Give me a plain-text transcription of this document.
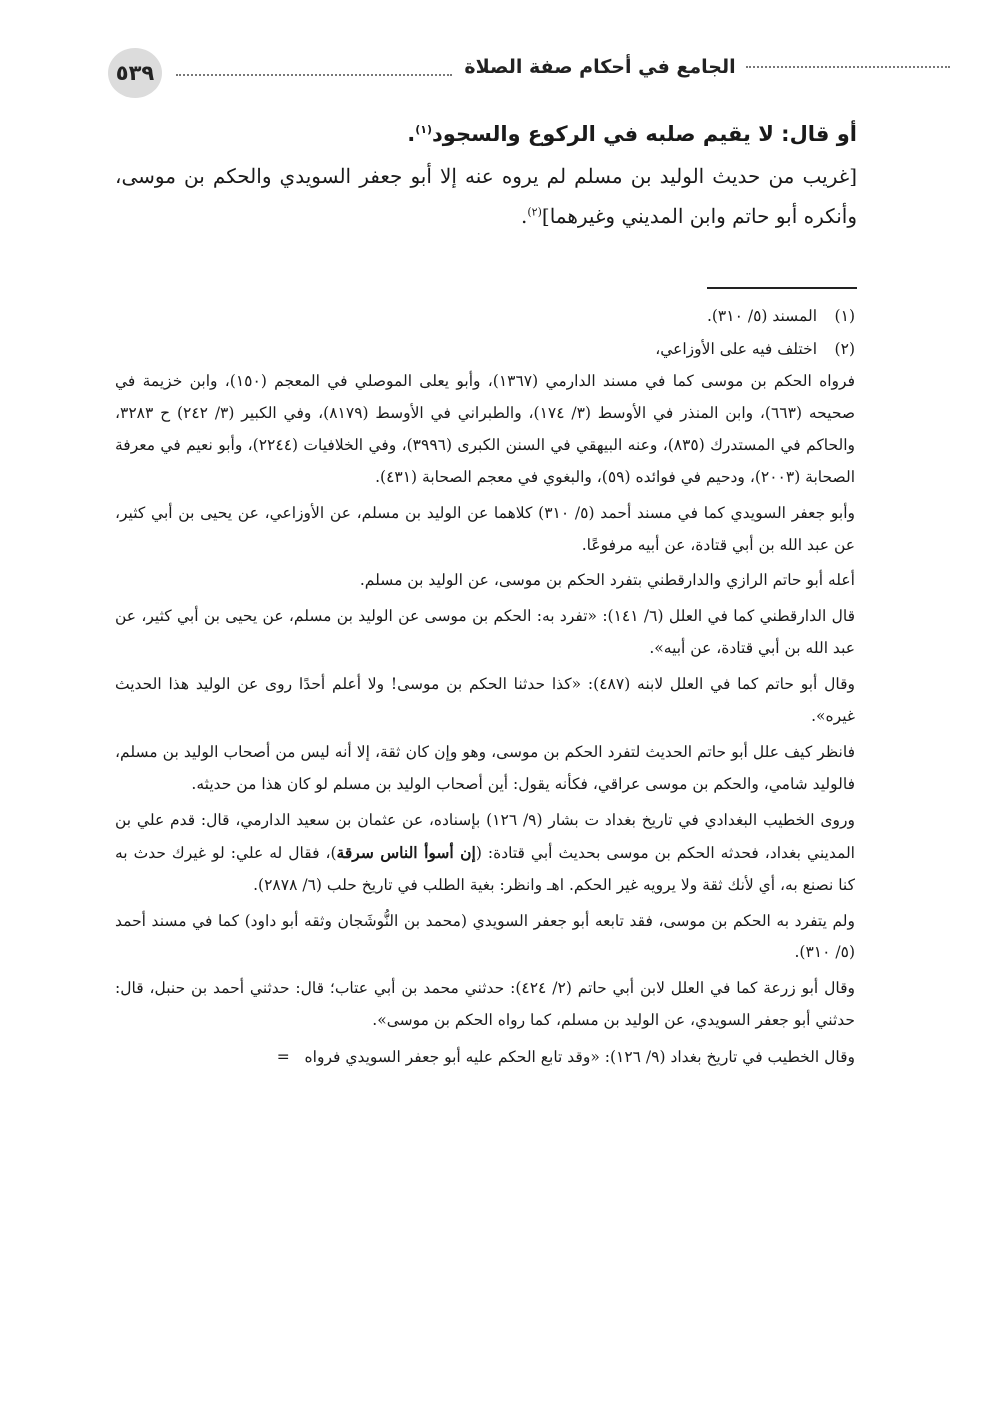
٥٣٩	الجامع في أحكام صفة الصلاة
أو قال: لا يقيم صلبه في الركوع والسجود$^{(١)}$.
[غريب من حديث الوليد بن مسلم لم يروه عنه إلا أبو جعفر السويدي والحكم بن موسى، وأنكره أبو حاتم وابن المديني وغيرهما]$^{(٢)}$.
(١)المسند (٥/ ٣١٠).
(٢)اختلف فيه على الأوزاعي،
فرواه الحكم بن موسى كما في مسند الدارمي (١٣٦٧)، وأبو يعلى الموصلي في المعجم (١٥٠)، وابن خزيمة في صحيحه (٦٦٣)، وابن المنذر في الأوسط (٣/ ١٧٤)، والطبراني في الأوسط (٨١٧٩)، وفي الكبير (٣/ ٢٤٢) ح ٣٢٨٣، والحاكم في المستدرك (٨٣٥)، وعنه البيهقي في السنن الكبرى (٣٩٩٦)، وفي الخلافيات (٢٢٤٤)، وأبو نعيم في معرفة الصحابة (٢٠٠٣)، ودحيم في فوائده (٥٩)، والبغوي في معجم الصحابة (٤٣١).
وأبو جعفر السويدي كما في مسند أحمد (٥/ ٣١٠) كلاهما عن الوليد بن مسلم، عن الأوزاعي، عن يحيى بن أبي كثير، عن عبد الله بن أبي قتادة، عن أبيه مرفوعًا.
أعله أبو حاتم الرازي والدارقطني بتفرد الحكم بن موسى، عن الوليد بن مسلم.
قال الدارقطني كما في العلل (٦/ ١٤١): «تفرد به: الحكم بن موسى عن الوليد بن مسلم، عن يحيى بن أبي كثير، عن عبد الله بن أبي قتادة، عن أبيه».
وقال أبو حاتم كما في العلل لابنه (٤٨٧): «كذا حدثنا الحكم بن موسى! ولا أعلم أحدًا روى عن الوليد هذا الحديث غيره».
فانظر كيف علل أبو حاتم الحديث لتفرد الحكم بن موسى، وهو وإن كان ثقة، إلا أنه ليس من أصحاب الوليد بن مسلم، فالوليد شامي، والحكم بن موسى عراقي، فكأنه يقول: أين أصحاب الوليد بن مسلم لو كان هذا من حديثه.
وروى الخطيب البغدادي في تاريخ بغداد ت بشار (٩/ ١٢٦) بإسناده، عن عثمان بن سعيد الدارمي، قال: قدم علي بن المديني بغداد، فحدثه الحكم بن موسى بحديث أبي قتادة: (إن أسوأ الناس سرقة)، فقال له علي: لو غيرك حدث به كنا نصنع به، أي لأنك ثقة ولا يرويه غير الحكم. اهـ وانظر: بغية الطلب في تاريخ حلب (٦/ ٢٨٧٨).
ولم يتفرد به الحكم بن موسى، فقد تابعه أبو جعفر السويدي (محمد بن النُّوشَجان وثقه أبو داود) كما في مسند أحمد (٥/ ٣١٠).
وقال أبو زرعة كما في العلل لابن أبي حاتم (٢/ ٤٢٤): حدثني محمد بن أبي عتاب؛ قال: حدثني أحمد بن حنبل، قال: حدثني أبو جعفر السويدي، عن الوليد بن مسلم، كما رواه الحكم بن موسى».
وقال الخطيب في تاريخ بغداد (٩/ ١٢٦): «وقد تابع الحكم عليه أبو جعفر السويدي فرواه   =
